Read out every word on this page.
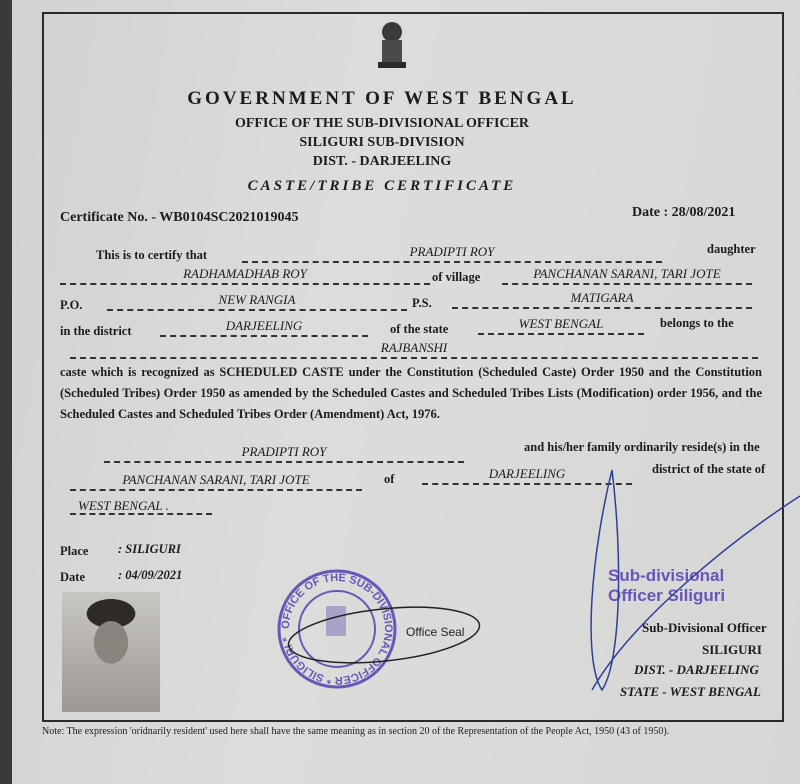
GOVERNMENT OF WEST BENGAL
OFFICE OF THE SUB-DIVISIONAL OFFICER
SILIGURI SUB-DIVISION
DIST. - DARJEELING
CASTE/TRIBE CERTIFICATE
Certificate No. - WB0104SC2021019045	Date : 28/08/2021
This is to certify that	PRADIPTI ROY	daughter
RADHAMADHAB ROY	of village	PANCHANAN SARANI, TARI JOTE
P.O.	NEW RANGIA	P.S.	MATIGARA
in the district	DARJEELING	of the state	WEST BENGAL	belongs to the
RAJBANSHI
caste which is recognized as SCHEDULED CASTE under the Constitution (Scheduled Caste) Order 1950 and the Constitution (Scheduled Tribes) Order 1950 as amended by the Scheduled Castes and Scheduled Tribes Lists (Modification) order 1956, and the Scheduled Castes and Scheduled Tribes Order (Amendment) Act, 1976.
PRADIPTI ROY	and his/her family ordinarily reside(s) in the
PANCHANAN SARANI, TARI JOTE	of	DARJEELING	district of the state of
WEST BENGAL .
Place : SILIGURI
Date	: 04/09/2021
OFFICE OF THE SUB-DIVISIONAL OFFICER * SILIGURI *
Office Seal
Sub-divisional Officer Siliguri
Sub-Divisional Officer
SILIGURI
DIST. - DARJEELING
STATE - WEST BENGAL
Note: The expression 'oridnarily resident' used here shall have the same meaning as in section 20 of the Representation of the People Act, 1950 (43 of 1950).
